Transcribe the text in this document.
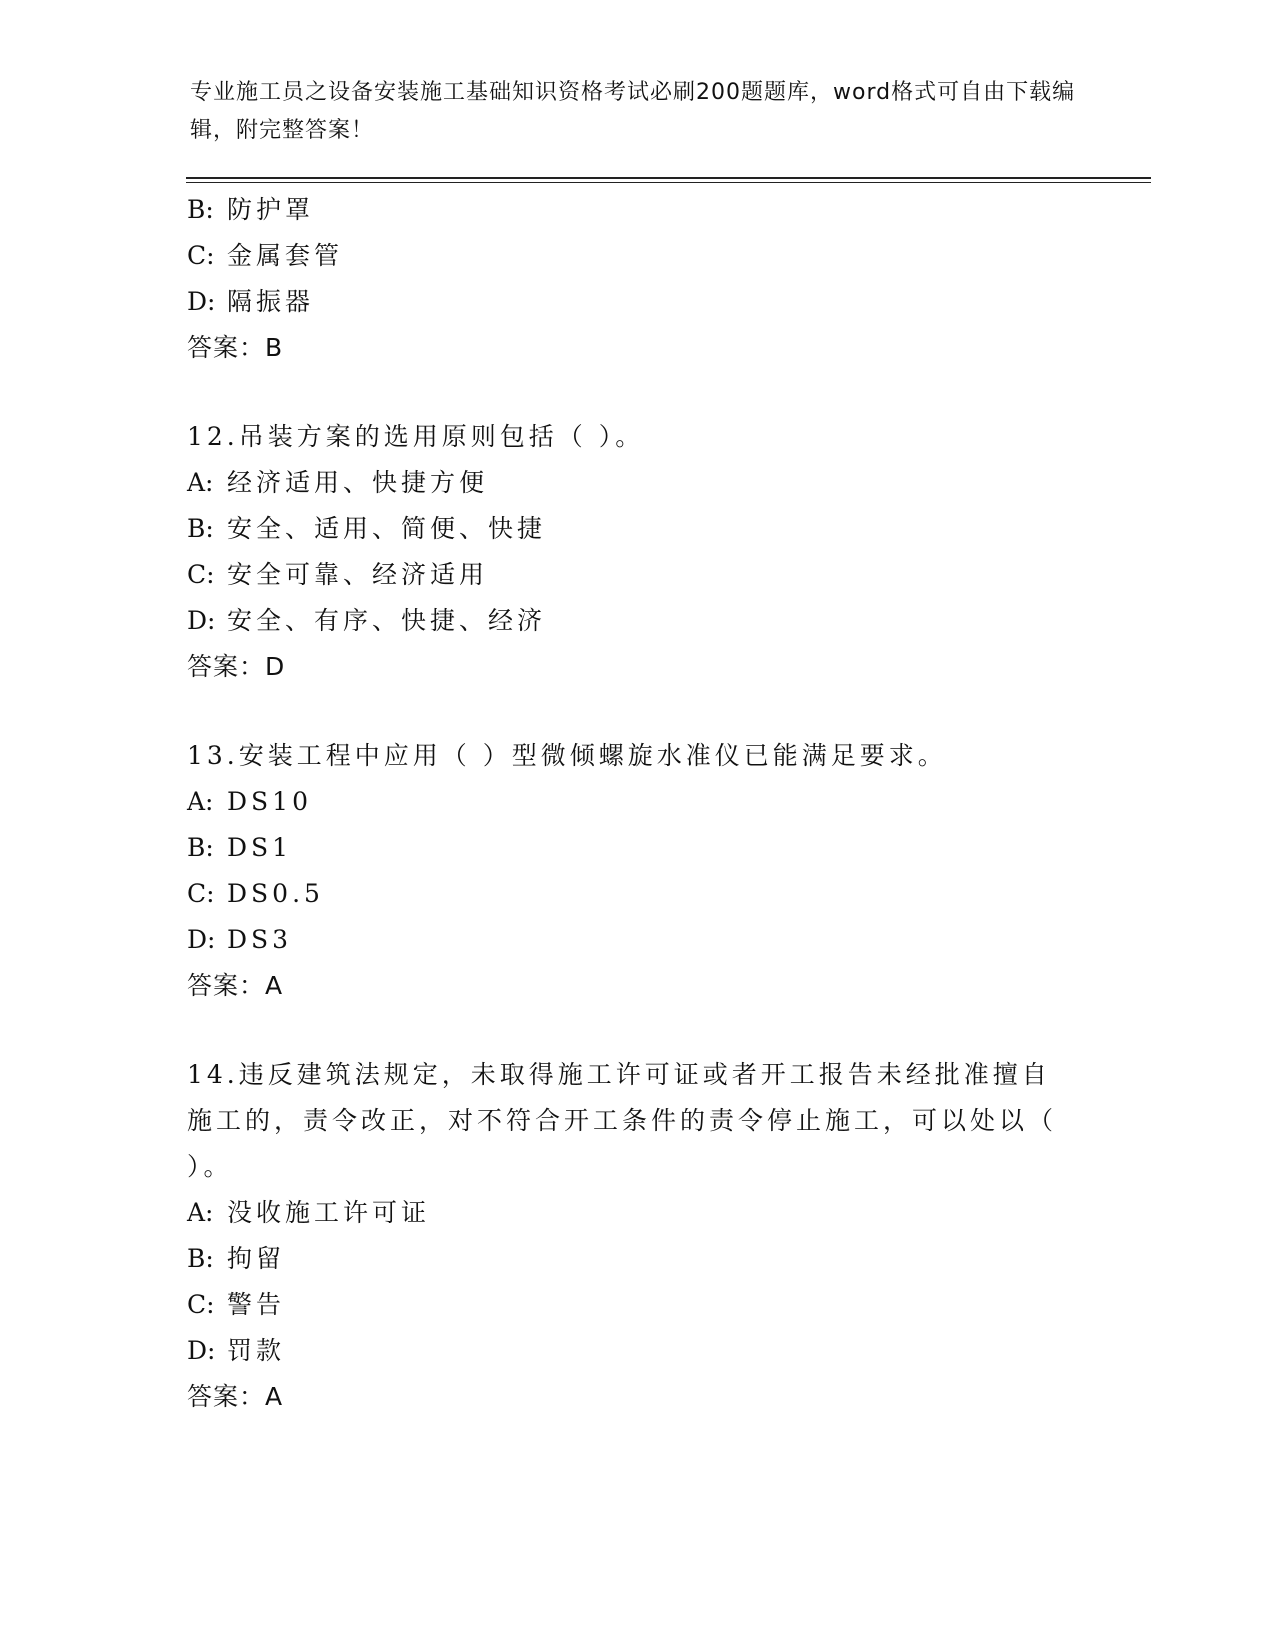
专业施工员之设备安装施工基础知识资格考试必刷200题题库，word格式可自由下载编辑，附完整答案！
B: 防护罩
C: 金属套管
D: 隔振器
答案：B
12.吊装方案的选用原则包括（ ）。
A: 经济适用、快捷方便
B: 安全、适用、简便、快捷
C: 安全可靠、经济适用
D: 安全、有序、快捷、经济
答案：D
13.安装工程中应用（ ）型微倾螺旋水准仪已能满足要求。
A: DS10
B: DS1
C: DS0.5
D: DS3
答案：A
14.违反建筑法规定，未取得施工许可证或者开工报告未经批准擅自施工的，责令改正，对不符合开工条件的责令停止施工，可以处以（ ）。
A: 没收施工许可证
B: 拘留
C: 警告
D: 罚款
答案：A
